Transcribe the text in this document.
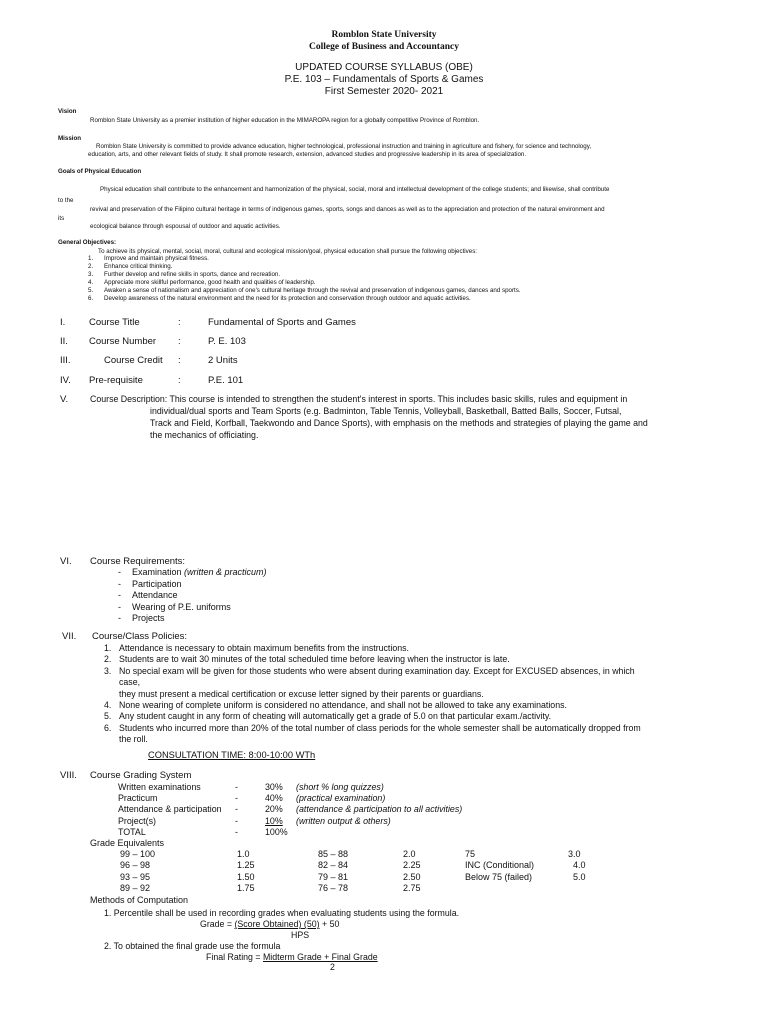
Romblon State University
College of Business and Accountancy
UPDATED COURSE SYLLABUS (OBE)
P.E. 103 – Fundamentals of Sports & Games
First Semester 2020- 2021
Vision
Romblon State University as a premier institution of higher education in the MIMAROPA region for a globally competitive Province of Romblon.
Mission
Romblon State University is committed to provide advance education, higher technological, professional instruction and training in agriculture and fishery, for science and technology,
education, arts, and other relevant fields of study. It shall promote research, extension, advanced studies and progressive leadership in its area of specialization.
Goals of Physical Education
Physical education shall contribute to the enhancement and harmonization of the physical, social, moral and intellectual development of the college students; and likewise, shall contribute
to the
revival and preservation of the Filipino cultural heritage in terms of indigenous games, sports, songs and dances as well as to the appreciation and protection of the natural environment and
its
ecological balance through espousal of outdoor and aquatic activities.
General Objectives:
To achieve its physical, mental, social, moral, cultural and ecological mission/goal, physical education shall pursue the following objectives:
1. Improve and maintain physical fitness.
2. Enhance critical thinking.
3. Further develop and refine skills in sports, dance and recreation.
4. Appreciate more skillful performance, good health and qualities of leadership.
5. Awaken a sense of nationalism and appreciation of one's cultural heritage through the revival and preservation of indigenous games, dances and sports.
6. Develop awareness of the natural environment and the need for its protection and conservation through outdoor and aquatic activities.
I. Course Title	:	Fundamental of Sports and Games
II. Course Number :	P. E. 103
III.	Course Credit :	2 Units
IV. Pre-requisite	:	P.E. 101
V. Course Description: This course is intended to strengthen the student's interest in sports. This includes basic skills, rules and equipment in
individual/dual sports and Team Sports (e.g. Badminton, Table Tennis, Volleyball, Basketball, Batted Balls, Soccer, Futsal,
Track and Field, Korfball, Taekwondo and Dance Sports), with emphasis on the methods and strategies of playing the game and
the mechanics of officiating.
VI. Course Requirements:
- Examination (written & practicum)
- Participation
- Attendance
- Wearing of P.E. uniforms
- Projects
VII. Course/Class Policies:
1. Attendance is necessary to obtain maximum benefits from the instructions.
2. Students are to wait 30 minutes of the total scheduled time before leaving when the instructor is late.
3. No special exam will be given for those students who were absent during examination day. Except for EXCUSED absences, in which
case,
they must present a medical certification or excuse letter signed by their parents or guardians.
4. None wearing of complete uniform is considered no attendance, and shall not be allowed to take any examinations.
5. Any student caught in any form of cheating will automatically get a grade of 5.0 on that particular exam./activity.
6. Students who incurred more than 20% of the total number of class periods for the whole semester shall be automatically dropped from
the roll.
CONSULTATION TIME: 8:00-10:00 WTh
VIII. Course Grading System
Written examinations	-	30% (short % long quizzes)
Practicum	-	40% (practical examination)
Attendance & participation -	20% (attendance & participation to all activities)
Project(s)	-	10%(written output & others)
TOTAL	-	100%
Grade Equivalents
99 – 100	1.0	85 – 88	2.0	75	3.0
96 – 98	1.25	82 – 84	2.25	INC (Conditional)	4.0
93 – 95	1.50	79 – 81	2.50	Below 75 (failed)	5.0
89 – 92	1.75	76 – 78	2.75
Methods of Computation
1. Percentile shall be used in recording grades when evaluating students using the formula.
Grade = (Score Obtained) (50) + 50
HPS
2. To obtained the final grade use the formula
Final Rating = Midterm Grade + Final Grade
2
